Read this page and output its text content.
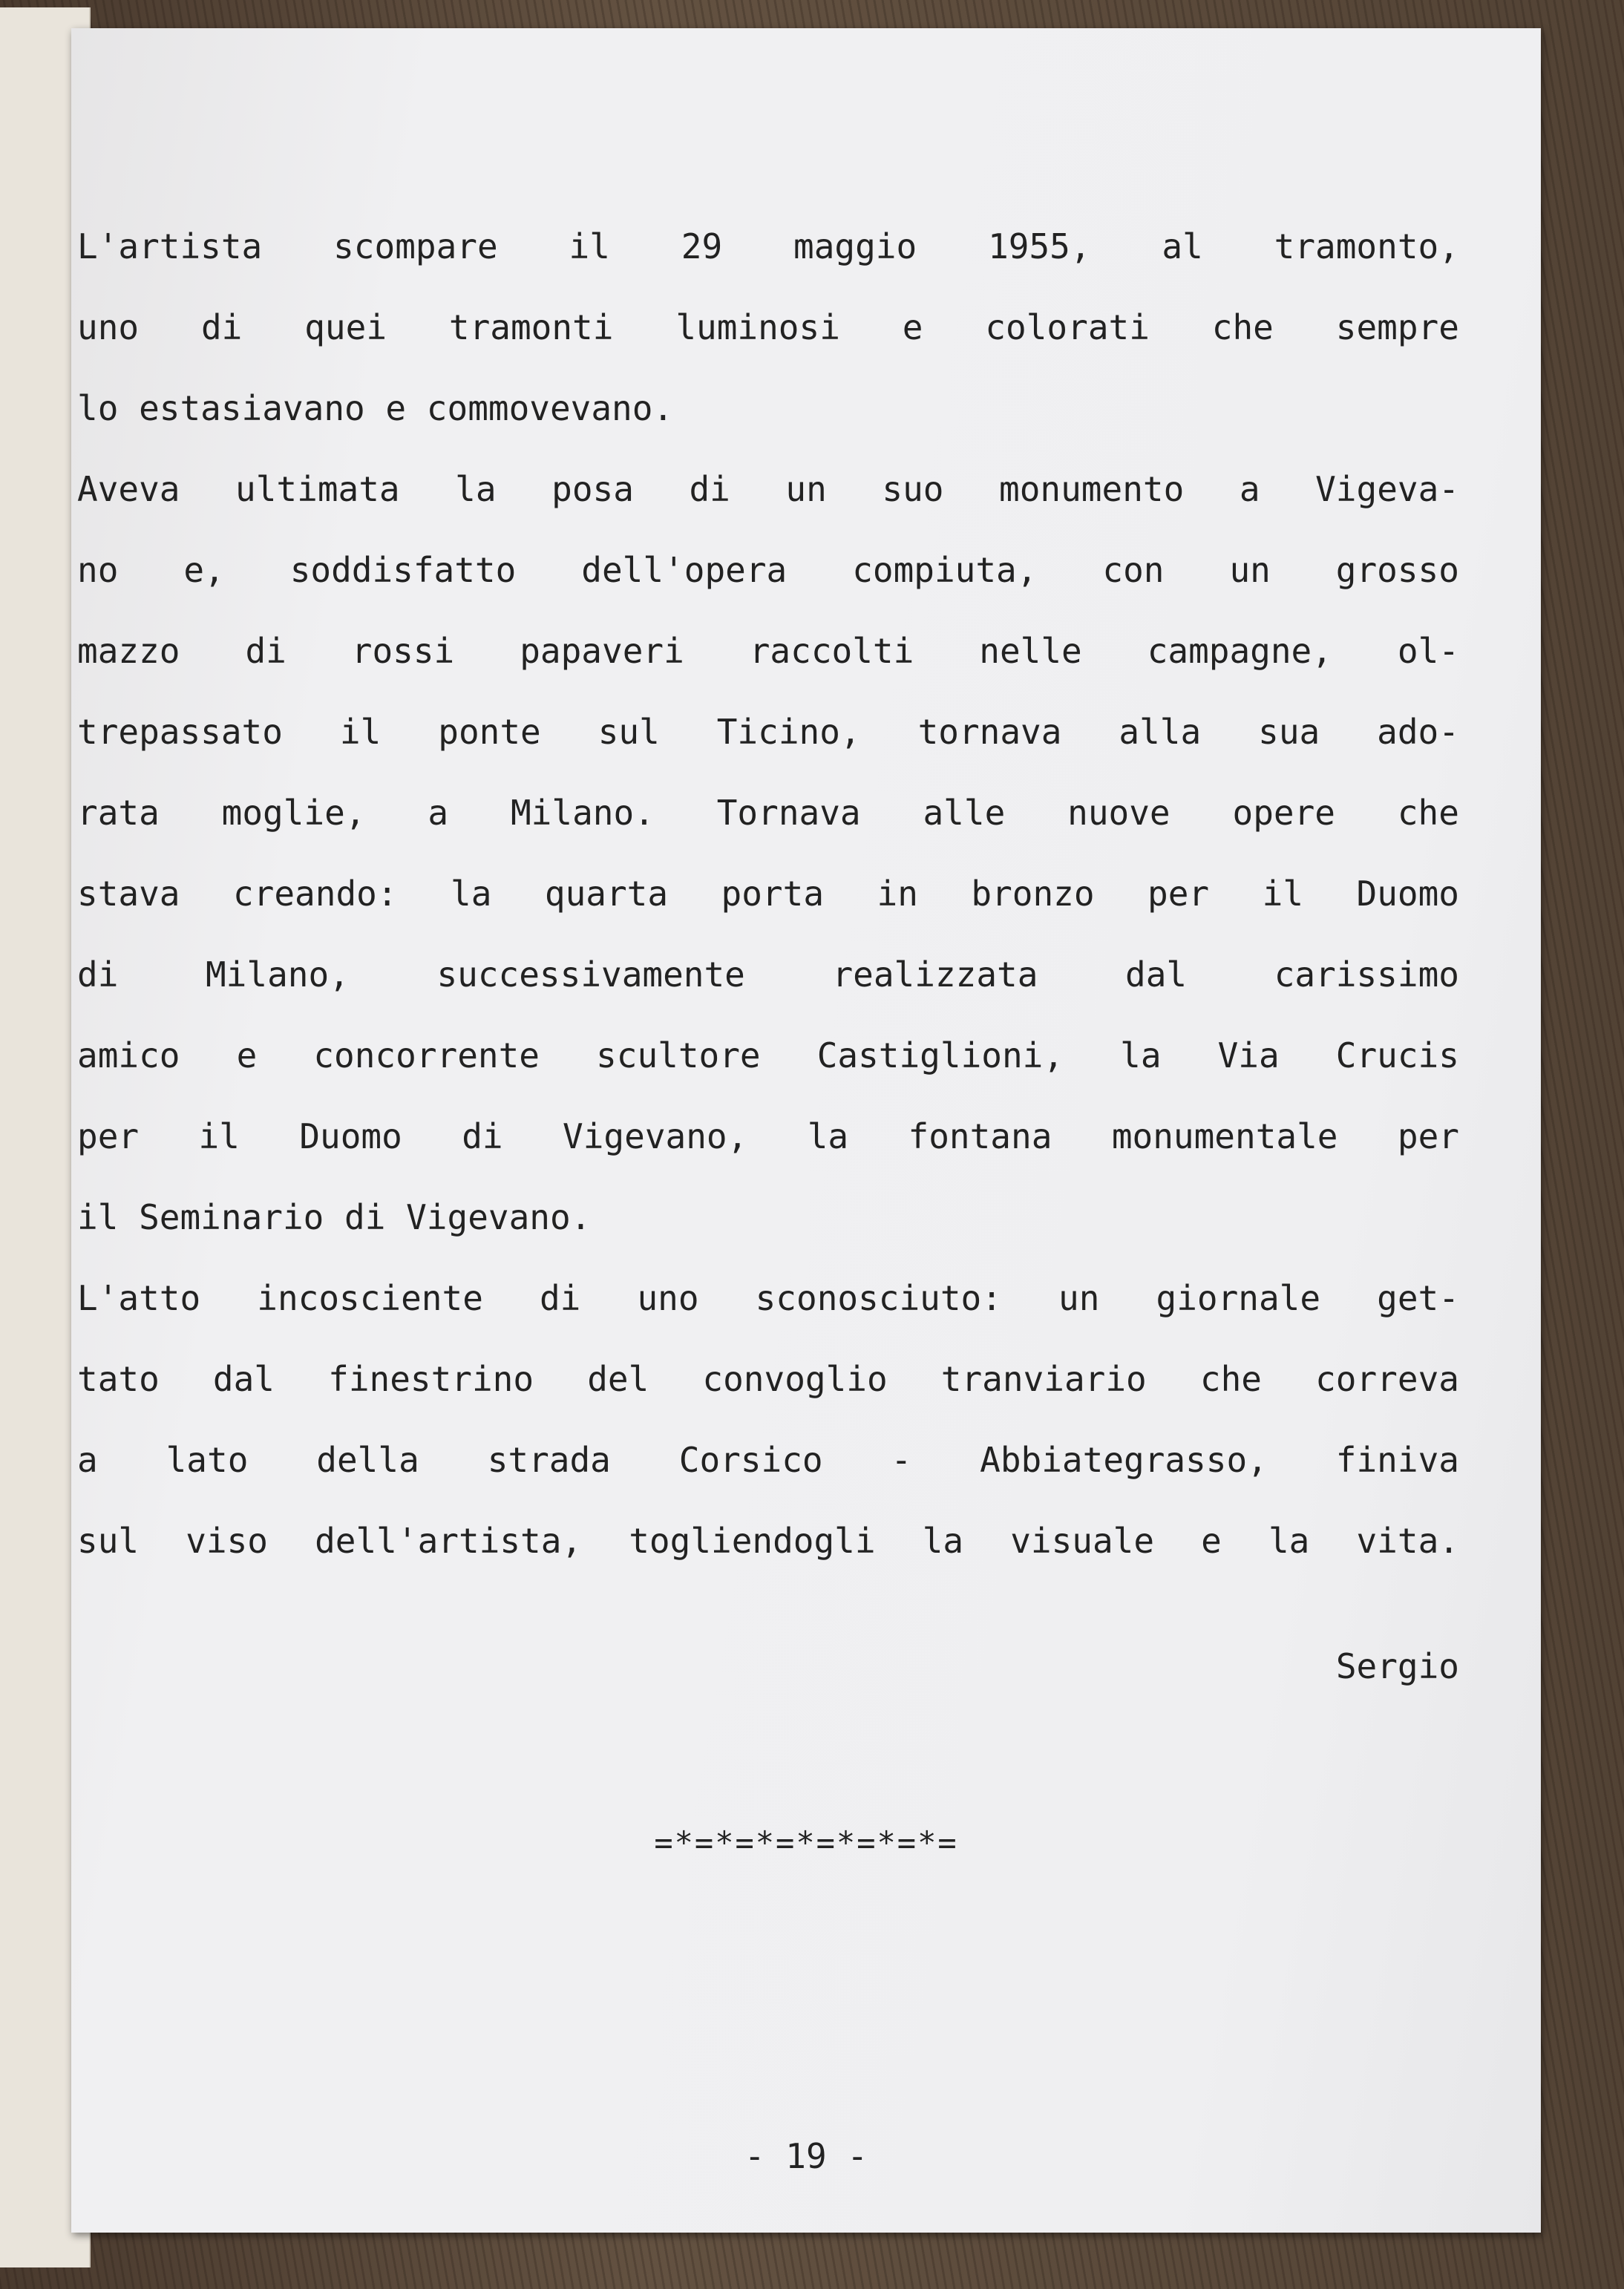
L'artista scompare il 29 maggio 1955, al tramonto,
uno di quei tramonti luminosi e colorati che sempre
lo estasiavano e commovevano.
Aveva ultimata la posa di un suo monumento a Vigeva-
no e, soddisfatto dell'opera compiuta, con un grosso
mazzo di rossi papaveri raccolti nelle campagne, ol-
trepassato il ponte sul Ticino, tornava alla sua ado-
rata moglie, a Milano. Tornava alle nuove opere che
stava creando: la quarta porta in bronzo per il Duomo
di	Milano,	successivamente	realizzata	dal	carissimo
amico e concorrente scultore Castiglioni, la Via Crucis
per il Duomo di Vigevano, la fontana monumentale per
il Seminario di Vigevano.
L'atto incosciente di uno sconosciuto: un giornale get-
tato dal finestrino del convoglio tranviario che correva
a lato della strada Corsico - Abbiategrasso, finiva
sul viso dell'artista, togliendogli la visuale e la vita.
Sergio
=*=*=*=*=*=*=*=
- 19 -
